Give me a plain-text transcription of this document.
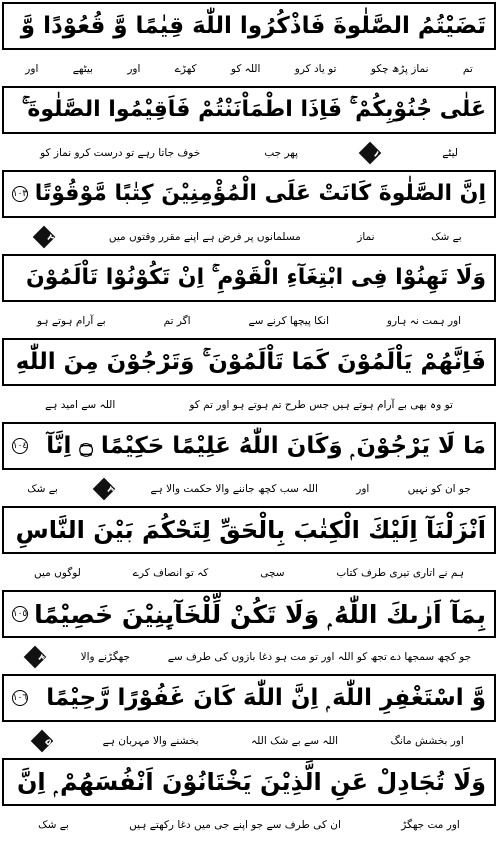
تَضَيْتُمُ الصَّلٰوةَ فَاذْكُرُوا اللّٰهَ قِيٰمًا وَّ قُعُوْدًا وَّ
تم
نماز پڑھ چکو
تو یاد کرو
اللہ کو
کھڑے
اور
بیٹھے
اور
عَلٰى جُنُوْبِكُمْ ۚ فَاِذَا اطْمَاْنَنْتُمْ فَاَقِيْمُوا الصَّلٰوةَ ۚ
لیٹے
۱
پھر جب
خوف جاتا رہے تو درست کرو نماز کو
اِنَّ الصَّلٰوةَ كَانَتْ عَلَى الْمُؤْمِنِيْنَ كِتٰبًا مَّوْقُوْتًا
١٠٣
بے شک
نماز
مسلمانوں پر فرض ہے اپنے مقرر وقتوں میں
۲
وَلَا تَهِنُوْا فِى ابْتِغَآءِ الْقَوْمِ ۚ اِنْ تَكُوْنُوْا تَاْلَمُوْنَ
اور ہمت نہ ہارو
انکا پیچھا کرنے سے
اگر تم
بے آرام ہوتے ہو
فَاِنَّهُمْ يَاْلَمُوْنَ كَمَا تَاْلَمُوْنَ ۚ وَتَرْجُوْنَ مِنَ اللّٰهِ
تو وہ بھی بے آرام ہوتے ہیں جس طرح تم ہوتے ہو اور تم کو
اللہ سے امید ہے
مَا لَا يَرْجُوْنَ ۭ وَكَانَ اللّٰهُ عَلِيْمًا حَكِيْمًا ۝ اِنَّآ
١٠٤
جو ان کو نہیں
اور
اللہ سب کچھ جاننے والا حکمت والا ہے
۳
بے شک
اَنْزَلْنَآ اِلَيْكَ الْكِتٰبَ بِالْحَقِّ لِتَحْكُمَ بَيْنَ النَّاسِ
ہم نے اتاری تیری طرف کتاب
سچی
کہ تو انصاف کرے
لوگوں میں
بِمَآ اَرٰىكَ اللّٰهُ ۭ وَلَا تَكُنْ لِّلْخَآىِٕنِيْنَ خَصِيْمًا
١٠٥
جو کچھ سمجھا دے تجھ کو اللہ اور تو مت ہو دغا بازوں کی طرف سے
جھگڑنے والا
۴
وَّ اسْتَغْفِرِ اللّٰهَ ۭ اِنَّ اللّٰهَ كَانَ غَفُوْرًا رَّحِيْمًا
١٠٦
اور بخشش مانگ
اللہ سے بے شک اللہ
بخشنے والا مہربان ہے
۵
وَلَا تُجَادِلْ عَنِ الَّذِيْنَ يَخْتَانُوْنَ اَنْفُسَهُمْ ۭ اِنَّ
اور مت جھگڑ
ان کی طرف سے جو اپنے جی میں دغا رکھتے ہیں
بے شک
